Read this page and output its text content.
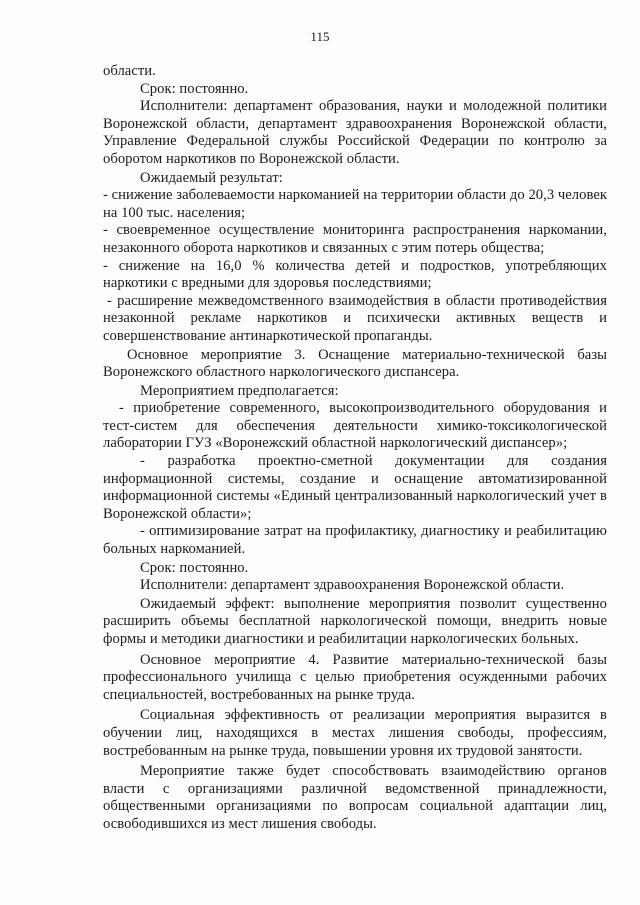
115

области.

Срок: постоянно.

Исполнители: департамент образования, науки и молодежной политики Воронежской области, департамент здравоохранения Воронежской области, Управление Федеральной службы Российской Федерации по контролю за оборотом наркотиков по Воронежской области.

Ожидаемый результат:

- снижение заболеваемости наркоманией на территории области до 20,3 человек на 100 тыс. населения;

- своевременное осуществление мониторинга распространения наркомании, незаконного оборота наркотиков и связанных с этим потерь общества;

- снижение на 16,0 % количества детей и подростков, употребляющих наркотики с вредными для здоровья последствиями;

- расширение межведомственного взаимодействия в области противодействия незаконной рекламе наркотиков и психически активных веществ и совершенствование антинаркотической пропаганды.

Основное мероприятие 3. Оснащение материально-технической базы Воронежского областного наркологического диспансера.

Мероприятием предполагается:

- приобретение современного, высокопроизводительного оборудования и тест-систем для обеспечения деятельности химико-токсикологической лаборатории ГУЗ «Воронежский областной наркологический диспансер»;

- разработка проектно-сметной документации для создания информационной системы, создание и оснащение автоматизированной информационной системы «Единый централизованный наркологический учет в Воронежской области»;

- оптимизирование затрат на профилактику, диагностику и реабилитацию больных наркоманией.

Срок: постоянно.

Исполнители: департамент здравоохранения Воронежской области.

Ожидаемый эффект: выполнение мероприятия позволит существенно расширить объемы бесплатной наркологической помощи, внедрить новые формы и методики диагностики и реабилитации наркологических больных.

Основное мероприятие 4. Развитие материально-технической базы профессионального училища с целью приобретения осужденными рабочих специальностей, востребованных на рынке труда.

Социальная эффективность от реализации мероприятия выразится в обучении лиц, находящихся в местах лишения свободы, профессиям, востребованным на рынке труда, повышении уровня их трудовой занятости.

Мероприятие также будет способствовать взаимодействию органов власти с организациями различной ведомственной принадлежности, общественными организациями по вопросам социальной адаптации лиц, освободившихся из мест лишения свободы.
